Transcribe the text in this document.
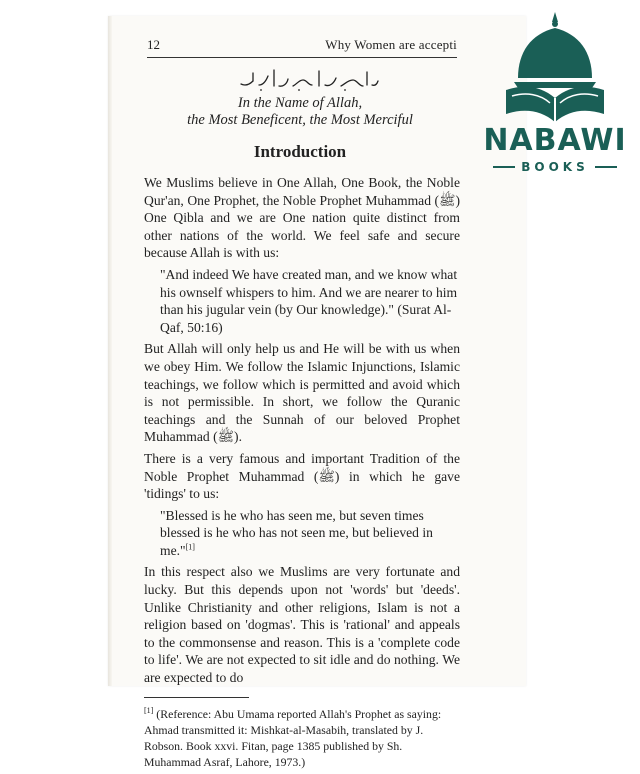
12	Why Women are accepti
In the Name of Allah,
the Most Beneficent, the Most Merciful
Introduction

We Muslims believe in One Allah, One Book, the Noble Qur'an, One Prophet, the Noble Prophet Muhammad (ﷺ) One Qibla and we are One nation quite distinct from other nations of the world. We feel safe and secure because Allah is with us:

"And indeed We have created man, and we know what his ownself whispers to him. And we are nearer to him than his jugular vein (by Our knowledge)." (Surat Al- Qaf, 50:16)

But Allah will only help us and He will be with us when we obey Him. We follow the Islamic Injunctions, Islamic teachings, we follow which is permitted and avoid which is not permissible. In short, we follow the Quranic teachings and the Sunnah of our beloved Prophet Muhammad (ﷺ).

There is a very famous and important Tradition of the Noble Prophet Muhammad (ﷺ) in which he gave 'tidings' to us:

"Blessed is he who has seen me, but seven times blessed is he who has not seen me, but believed in me."[1]

In this respect also we Muslims are very fortunate and lucky. But this depends upon not 'words' but 'deeds'. Unlike Christianity and other religions, Islam is not a religion based on 'dogmas'. This is 'rational' and appeals to the commonsense and reason. This is a 'complete code to life'. We are not expected to sit idle and do nothing. We are expected to do

[1] (Reference: Abu Umama reported Allah's Prophet as saying: Ahmad transmitted it: Mishkat-al-Masabih, translated by J. Robson. Book xxvi. Fitan, page 1385 published by Sh. Muhammad Asraf, Lahore, 1973.)

NABAWI
BOOKS
